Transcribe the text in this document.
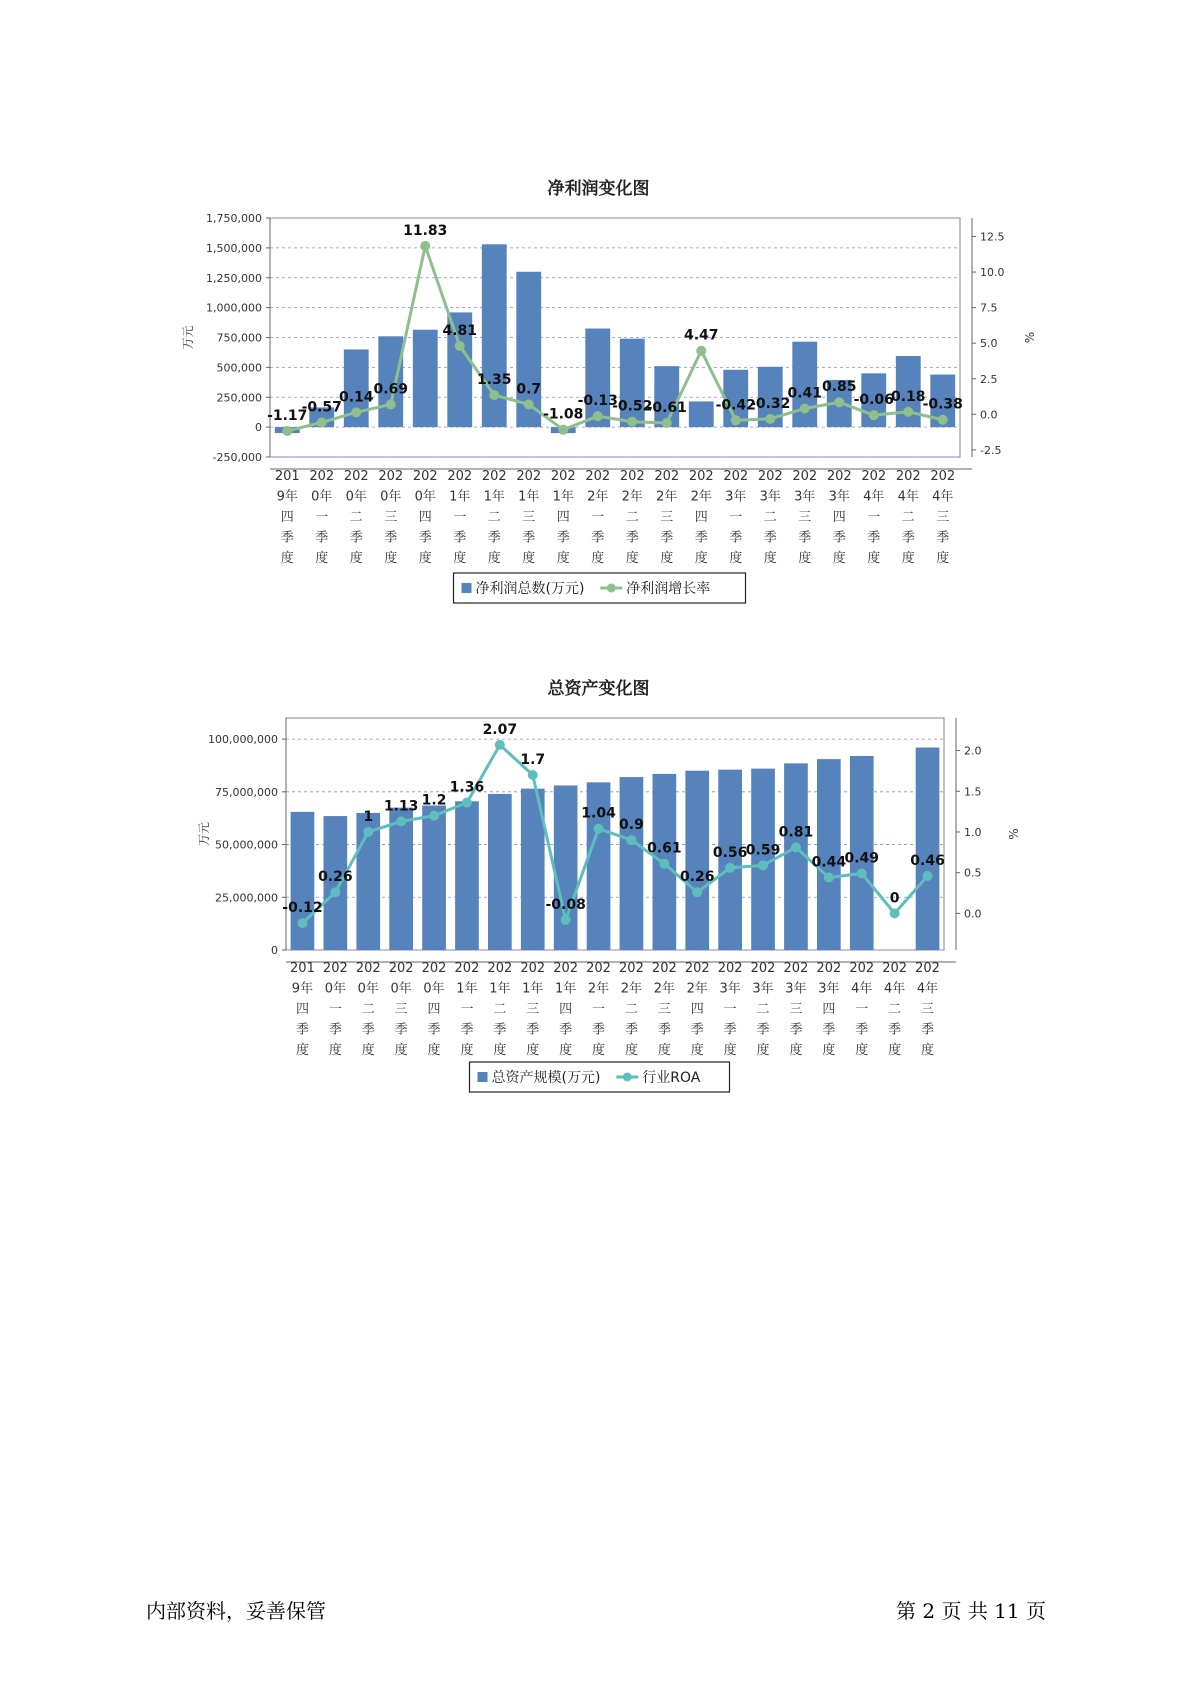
净利润变化图
-250,000
0
250,000
500,000
750,000
1,000,000
1,250,000
1,500,000
1,750,000
万元
-2.5
0.0
2.5
5.0
7.5
10.0
12.5
%
-1.17
-0.57
0.14 0.69
11.83
4.81
1.35
0.7
-1.08
-0.13
-0.52
-0.61
4.47
-0.42
-0.32
0.41 0.85
-0.06
0.18
-0.38
201
9年
四
季
度
202
0年
一
季
度
202
0年
二
季
度
202
0年
三
季
度
202
0年
四
季
度
202
1年
一
季
度
202
1年
二
季
度
202
1年
三
季
度
202
1年
四
季
度
202
2年
一
季
度
202
2年
二
季
度
202
2年
三
季
度
202
2年
四
季
度
202
3年
一
季
度
202
3年
二
季
度
202
3年
三
季
度
202
3年
四
季
度
202
4年
一
季
度
202
4年
二
季
度
202
4年
三
季
度
净利润总数(万元)	净利润增长率
总资产变化图
0
25,000,000
50,000,000
75,000,000
100,000,000
万元
0.0
0.5
1.0
1.5
2.0
%
-0.12
0.26
1
1.13 1.2
1.36
2.07
1.7
-0.08
1.04
0.9
0.61
0.26
0.56
0.59
0.81
0.44
0.49
0
0.46
201
9年
四
季
度
202
0年
一
季
度
202
0年
二
季
度
202
0年
三
季
度
202
0年
四
季
度
202
1年
一
季
度
202
1年
二
季
度
202
1年
三
季
度
202
1年
四
季
度
202
2年
一
季
度
202
2年
二
季
度
202
2年
三
季
度
202
2年
四
季
度
202
3年
一
季
度
202
3年
二
季
度
202
3年
三
季
度
202
3年
四
季
度
202
4年
一
季
度
202
4年
二
季
度
202
4年
三
季
度
总资产规模(万元)	行业ROA
内部资料，妥善保管	第 2 页 共 11 页
